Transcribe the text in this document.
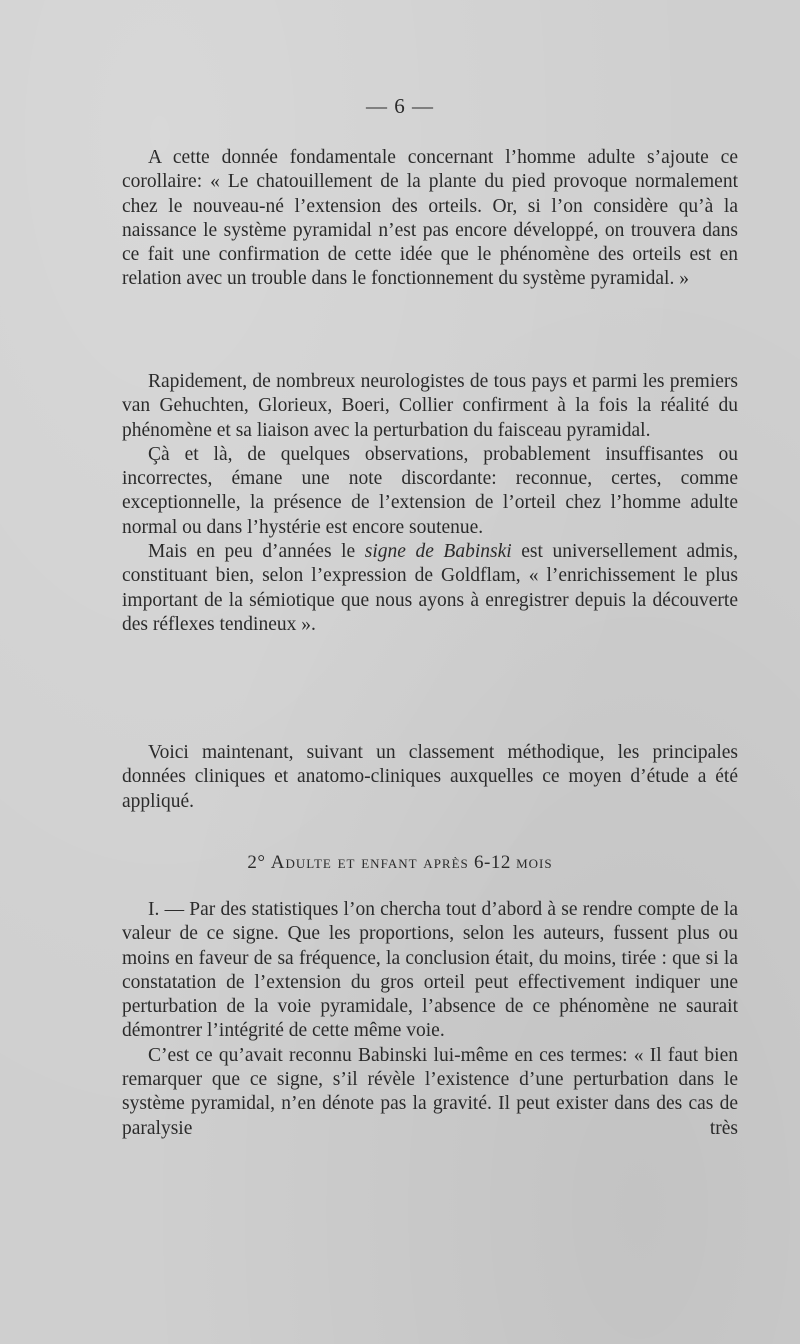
— 6 —

A cette donnée fondamentale concernant l’homme adulte s’ajoute ce corollaire: « Le chatouillement de la plante du pied provoque normalement chez le nouveau-né l’extension des orteils. Or, si l’on considère qu’à la naissance le système pyramidal n’est pas encore développé, on trouvera dans ce fait une confirmation de cette idée que le phénomène des orteils est en relation avec un trouble dans le fonctionnement du système pyramidal. »

Rapidement, de nombreux neurologistes de tous pays et parmi les premiers van Gehuchten, Glorieux, Boeri, Collier confirment à la fois la réalité du phénomène et sa liaison avec la perturbation du faisceau pyramidal.

Çà et là, de quelques observations, probablement insuffisantes ou incorrectes, émane une note discordante: reconnue, certes, comme exceptionnelle, la présence de l’extension de l’orteil chez l’homme adulte normal ou dans l’hystérie est encore soutenue.

Mais en peu d’années le signe de Babinski est universellement admis, constituant bien, selon l’expression de Goldflam, « l’enrichissement le plus important de la sémiotique que nous ayons à enregistrer depuis la découverte des réflexes tendineux ».

Voici maintenant, suivant un classement méthodique, les principales données cliniques et anatomo-cliniques auxquelles ce moyen d’étude a été appliqué.

2° Adulte et enfant après 6-12 mois

I. — Par des statistiques l’on chercha tout d’abord à se rendre compte de la valeur de ce signe. Que les proportions, selon les auteurs, fussent plus ou moins en faveur de sa fréquence, la conclusion était, du moins, tirée : que si la constatation de l’extension du gros orteil peut effectivement indiquer une perturbation de la voie pyramidale, l’absence de ce phénomène ne saurait démontrer l’intégrité de cette même voie.

C’est ce qu’avait reconnu Babinski lui-même en ces termes: « Il faut bien remarquer que ce signe, s’il révèle l’existence d’une perturbation dans le système pyramidal, n’en dénote pas la gravité. Il peut exister dans des cas de paralysie très
